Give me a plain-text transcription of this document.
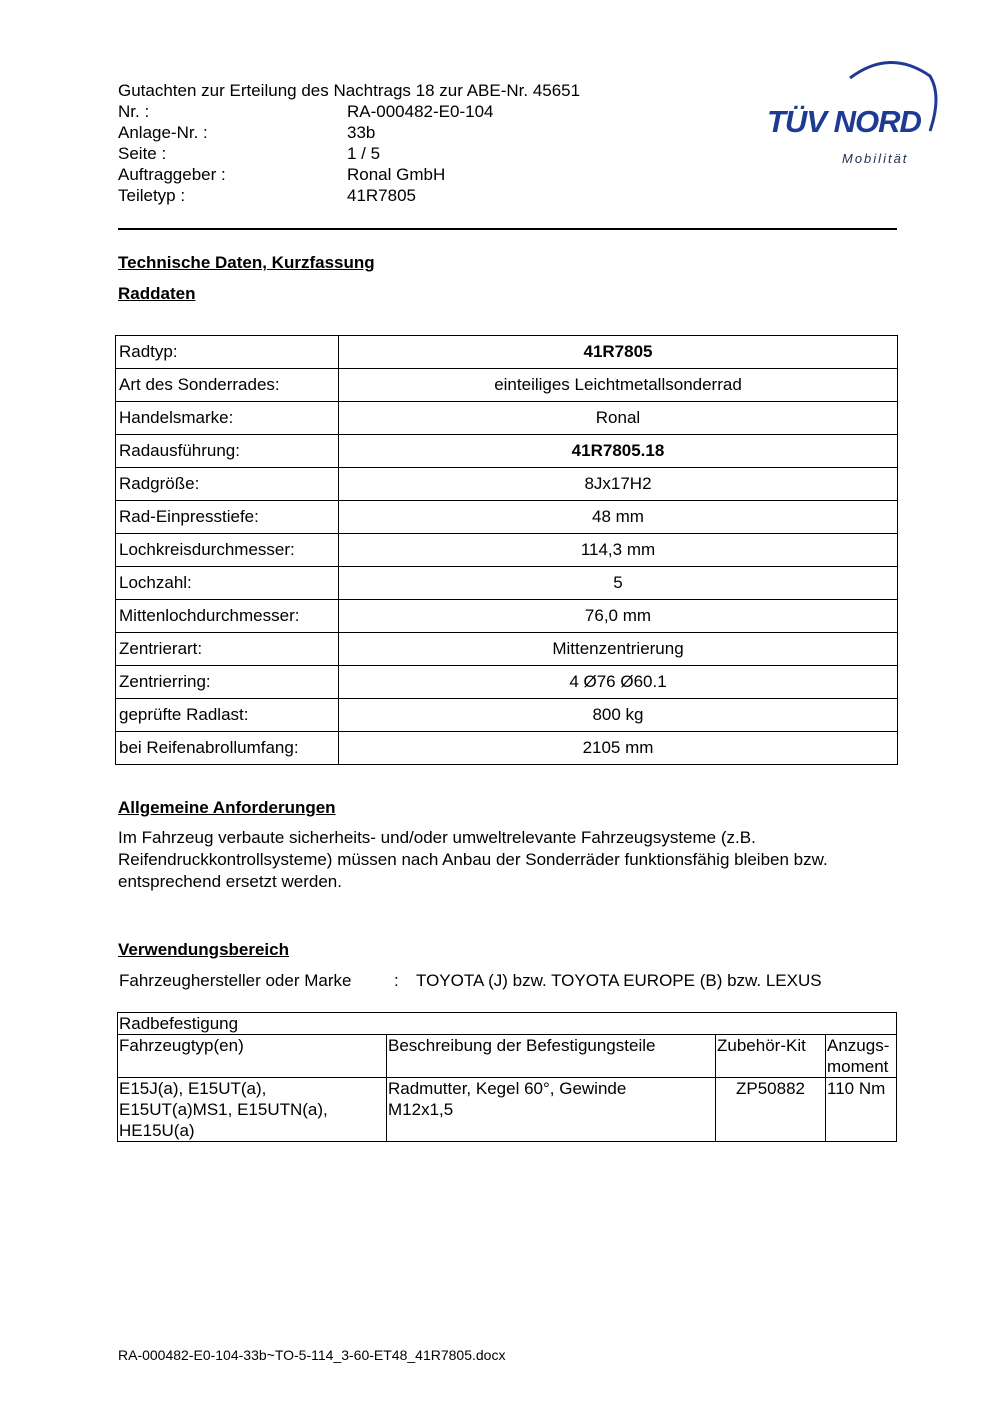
Gutachten zur Erteilung des Nachtrags 18 zur ABE-Nr. 45651
Nr. :	RA-000482-E0-104
Anlage-Nr. :	33b
Seite :	1 / 5
Auftraggeber :	Ronal GmbH
Teiletyp :	41R7805
TÜV NORD
Mobilität
Technische Daten, Kurzfassung
Raddaten
Radtyp:	41R7805
Art des Sonderrades:	einteiliges Leichtmetallsonderrad
Handelsmarke:	Ronal
Radausführung:	41R7805.18
Radgröße:	8Jx17H2
Rad-Einpresstiefe:	48 mm
Lochkreisdurchmesser:	114,3 mm
Lochzahl:	5
Mittenlochdurchmesser:	76,0 mm
Zentrierart:	Mittenzentrierung
Zentrierring:	4 Ø76 Ø60.1
geprüfte Radlast:	800 kg
bei Reifenabrollumfang:	2105 mm
Allgemeine Anforderungen
Im Fahrzeug verbaute sicherheits- und/oder umweltrelevante Fahrzeugsysteme (z.B.
Reifendruckkontrollsysteme) müssen nach Anbau der Sonderräder funktionsfähig bleiben bzw.
entsprechend ersetzt werden.
Verwendungsbereich
Fahrzeughersteller oder Marke	:	TOYOTA (J) bzw. TOYOTA EUROPE (B) bzw. LEXUS
Radbefestigung			
Fahrzeugtyp(en)	Beschreibung der Befestigungsteile	Zubehör-Kit	Anzugs-
moment
E15J(a), E15UT(a),
E15UT(a)MS1, E15UTN(a),
HE15U(a)	Radmutter, Kegel 60°, Gewinde
M12x1,5	ZP50882	110 Nm
RA-000482-E0-104-33b~TO-5-114_3-60-ET48_41R7805.docx
